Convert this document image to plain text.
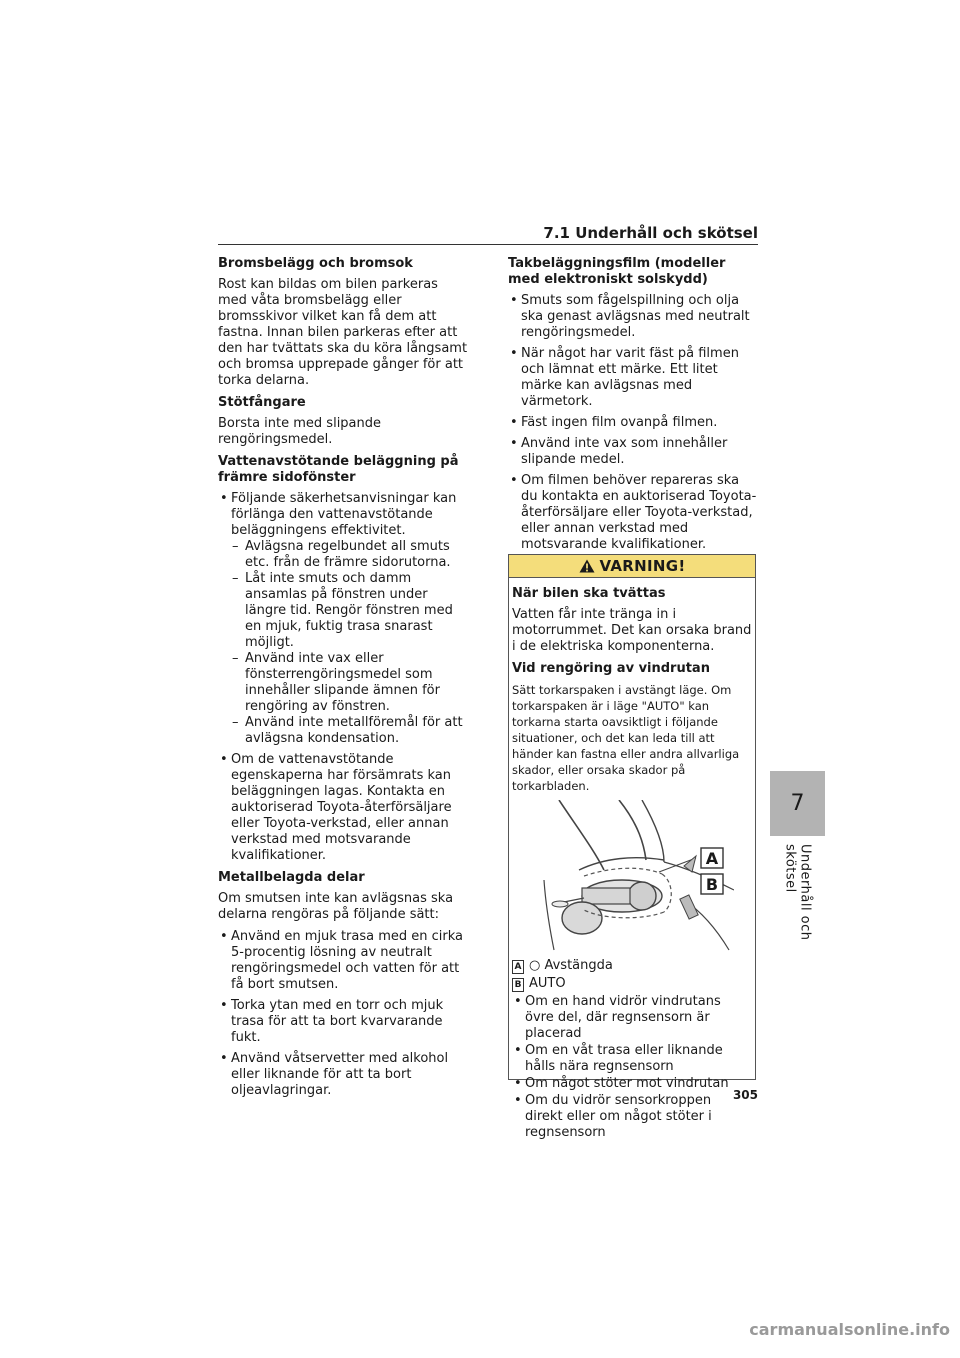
7.1 Underhåll och skötsel
Bromsbelägg och bromsok

Rost kan bildas om bilen parkeras med våta bromsbelägg eller bromsskivor vilket kan få dem att fastna. Innan bilen parkeras efter att den har tvättats ska du köra långsamt och bromsa upprepade gånger för att torka delarna.

Stötfångare

Borsta inte med slipande rengöringsmedel.

Vattenavstötande beläggning på främre sidofönster
• Följande säkerhetsanvisningar kan förlänga den vattenavstötande beläggningens effektivitet.
– Avlägsna regelbundet all smuts etc. från de främre sidorutorna.
– Låt inte smuts och damm ansamlas på fönstren under längre tid. Rengör fönstren med en mjuk, fuktig trasa snarast möjligt.
– Använd inte vax eller fönsterrengöringsmedel som innehåller slipande ämnen för rengöring av fönstren.
– Använd inte metallföremål för att avlägsna kondensation.
• Om de vattenavstötande egenskaperna har försämrats kan beläggningen lagas. Kontakta en auktoriserad Toyota-återförsäljare eller Toyota-verkstad, eller annan verkstad med motsvarande kvalifikationer.
Metallbelagda delar

Om smutsen inte kan avlägsnas ska delarna rengöras på följande sätt:

• Använd en mjuk trasa med en cirka 5-procentig lösning av neutralt rengöringsmedel och vatten för att få bort smutsen.
• Torka ytan med en torr och mjuk trasa för att ta bort kvarvarande fukt.
• Använd våtservetter med alkohol eller liknande för att ta bort oljeavlagringar.
Takbeläggningsfilm (modeller med elektroniskt solskydd)
• Smuts som fågelspillning och olja ska genast avlägsnas med neutralt rengöringsmedel.
• När något har varit fäst på filmen och lämnat ett märke. Ett litet märke kan avlägsnas med värmetork.
• Fäst ingen film ovanpå filmen.
• Använd inte vax som innehåller slipande medel.
• Om filmen behöver repareras ska du kontakta en auktoriserad Toyota-återförsäljare eller Toyota-verkstad, eller annan verkstad med motsvarande kvalifikationer.
VARNING!
När bilen ska tvättas

Vatten får inte tränga in i motorrummet. Det kan orsaka brand i de elektriska komponenterna.

Vid rengöring av vindrutan

Sätt torkarspaken i avstängt läge. Om torkarspaken är i läge "AUTO" kan torkarna starta oavsiktligt i följande situationer, och det kan leda till att händer kan fastna eller andra allvarliga skador, eller orsaka skador på torkarbladen.

A
B
A ○ Avstängda
B AUTO
• Om en hand vidrör vindrutans övre del, där regnsensorn är placerad
• Om en våt trasa eller liknande hålls nära regnsensorn
• Om något stöter mot vindrutan
• Om du vidrör sensorkroppen direkt eller om något stöter i regnsensorn
7
Underhåll och skötsel
305
carmanualsonline.info
